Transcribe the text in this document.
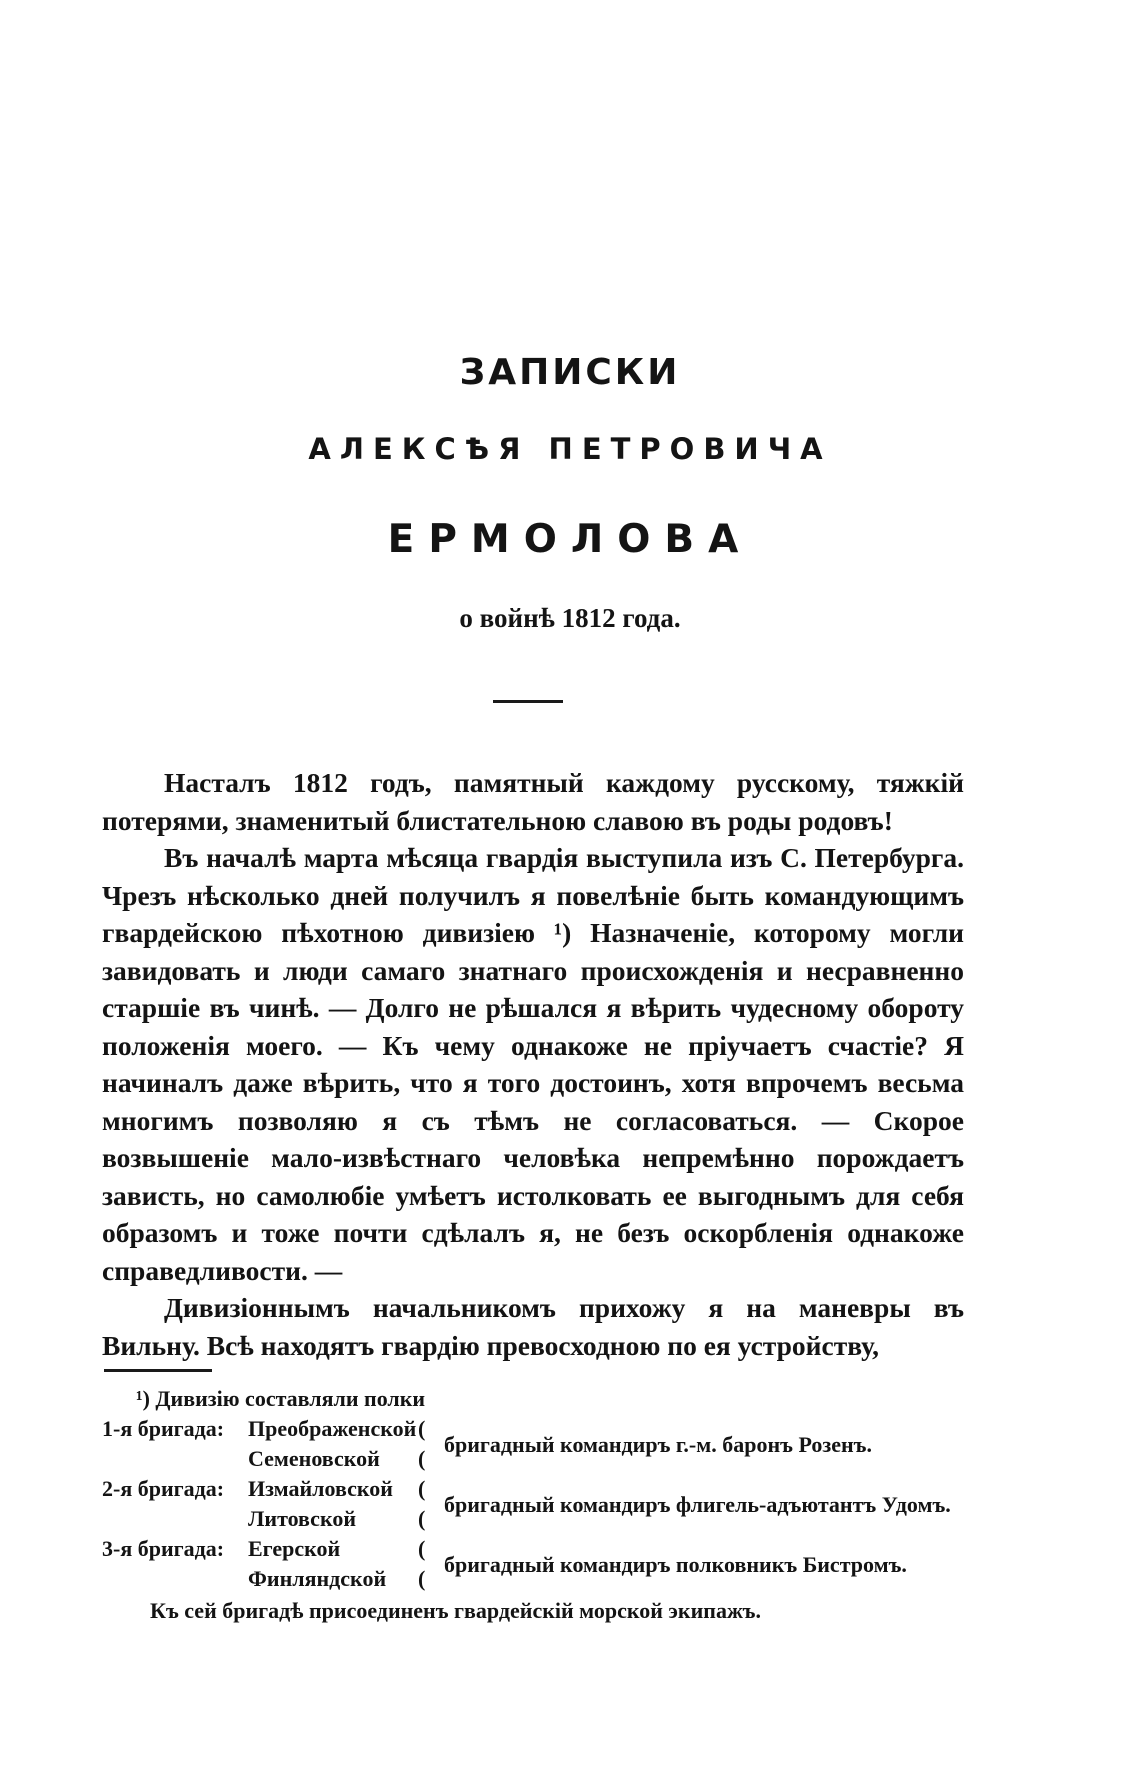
ЗАПИСКИ
АЛЕКСѢЯ ПЕТРОВИЧА
ЕРМОЛОВА
о войнѣ 1812 года.

Насталъ 1812 годъ, памятный каждому русскому, тяжкій потерями, знаменитый блистательною славою въ роды родовъ!

Въ началѣ марта мѣсяца гвардія выступила изъ С. Петербурга. Чрезъ нѣсколько дней получилъ я повелѣніе быть командующимъ гвардейскою пѣхотною дивизіею ¹) Назначеніе, которому могли завидовать и люди самаго знатнаго происхожденія и несравненно старшіе въ чинѣ. — Долго не рѣшался я вѣрить чудесному обороту положенія моего. — Къ чему однакоже не пріучаетъ счастіе? Я начиналъ даже вѣрить, что я того достоинъ, хотя впрочемъ весьма многимъ позволяю я съ тѣмъ не согласоваться. — Скорое возвышеніе мало-извѣстнаго человѣка непремѣнно порождаетъ зависть, но самолюбіе умѣетъ истолковать ее выгоднымъ для себя образомъ и тоже почти сдѣлалъ я, не безъ оскорбленія однакоже справедливости. —

Дивизіоннымъ начальникомъ прихожу я на маневры въ Вильну. Всѣ находятъ гвардію превосходною по ея устройству,

¹) Дивизію составляли полки
1-я бригада: Преображенской
Семеновской
(
(
бригадный командиръ г.-м. баронъ Розенъ.
2-я бригада: Измайловской
Литовской
(
(
бригадный командиръ флигель-адъютантъ Удомъ.
3-я бригада: Егерской
Финляндской
(
(
бригадный командиръ полковникъ Бистромъ.
Къ сей бригадѣ присоединенъ гвардейскій морской экипажъ.
